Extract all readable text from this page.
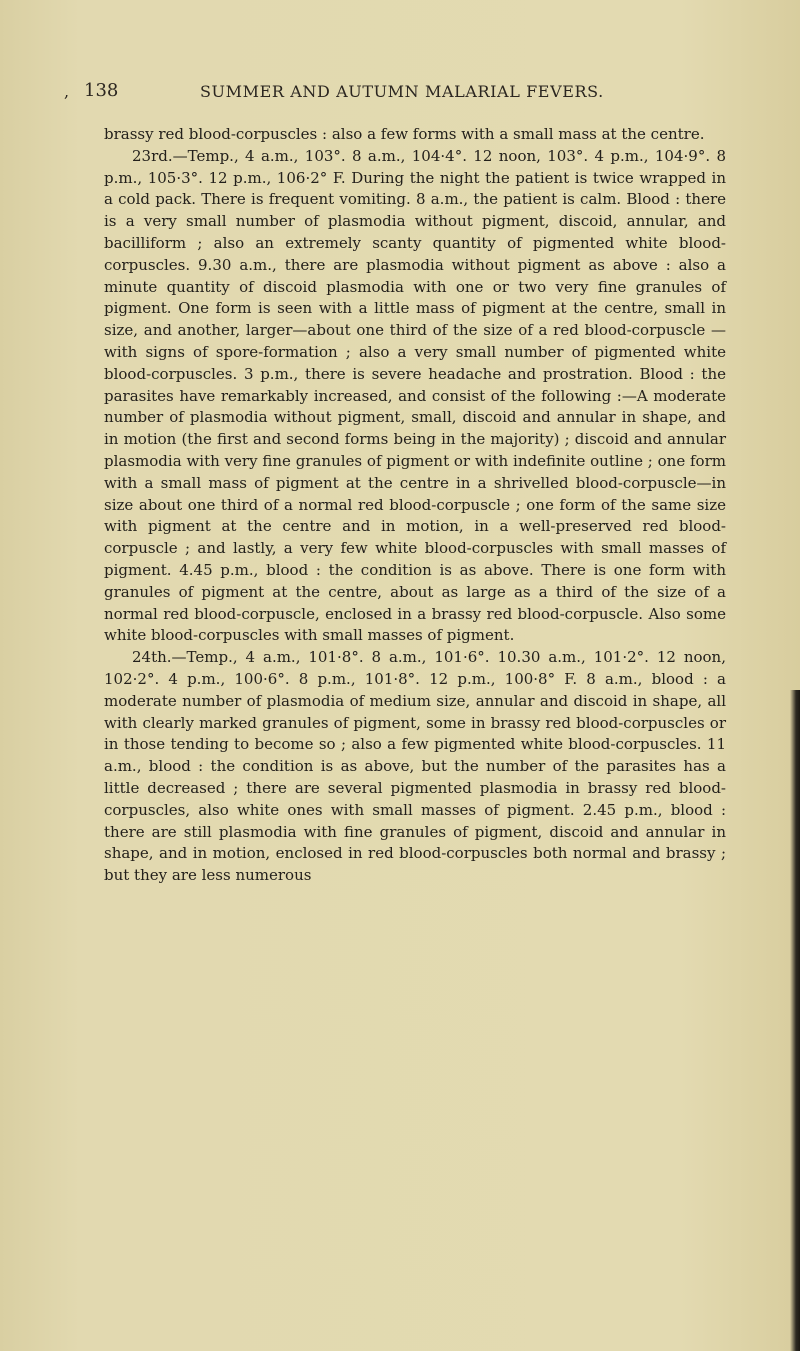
, 138	SUMMER AND AUTUMN MALARIAL FEVERS.

brassy red blood-corpuscles : also a few forms with a small mass at the centre.

23rd.—Temp., 4 a.m., 103°. 8 a.m., 104·4°. 12 noon, 103°. 4 p.m., 104·9°. 8 p.m., 105·3°. 12 p.m., 106·2° F. During the night the patient is twice wrapped in a cold pack. There is frequent vomiting. 8 a.m., the patient is calm. Blood : there is a very small number of plasmodia without pigment, discoid, annular, and bacilliform ; also an extremely scanty quantity of pigmented white blood-corpuscles. 9.30 a.m., there are plasmodia without pigment as above : also a minute quantity of discoid plasmodia with one or two very fine granules of pigment. One form is seen with a little mass of pigment at the centre, small in size, and another, larger—about one third of the size of a red blood-corpuscle —with signs of spore-formation ; also a very small number of pigmented white blood-corpuscles. 3 p.m., there is severe headache and prostration. Blood : the parasites have remarkably increased, and consist of the following :—A moderate number of plasmodia without pigment, small, discoid and annular in shape, and in motion (the first and second forms being in the majority) ; discoid and annular plasmodia with very fine granules of pigment or with indefinite outline ; one form with a small mass of pigment at the centre in a shrivelled blood-corpuscle—in size about one third of a normal red blood-corpuscle ; one form of the same size with pigment at the centre and in motion, in a well-preserved red blood-corpuscle ; and lastly, a very few white blood-corpuscles with small masses of pigment. 4.45 p.m., blood : the condition is as above. There is one form with granules of pigment at the centre, about as large as a third of the size of a normal red blood-corpuscle, enclosed in a brassy red blood-corpuscle. Also some white blood-corpuscles with small masses of pigment.

24th.—Temp., 4 a.m., 101·8°. 8 a.m., 101·6°. 10.30 a.m., 101·2°. 12 noon, 102·2°. 4 p.m., 100·6°. 8 p.m., 101·8°. 12 p.m., 100·8° F. 8 a.m., blood : a moderate number of plasmodia of medium size, annular and discoid in shape, all with clearly marked granules of pigment, some in brassy red blood-corpuscles or in those tending to become so ; also a few pigmented white blood-corpuscles. 11 a.m., blood : the condition is as above, but the number of the parasites has a little decreased ; there are several pigmented plasmodia in brassy red blood-corpuscles, also white ones with small masses of pigment. 2.45 p.m., blood : there are still plasmodia with fine granules of pigment, discoid and annular in shape, and in motion, enclosed in red blood-corpuscles both normal and brassy ; but they are less numerous
